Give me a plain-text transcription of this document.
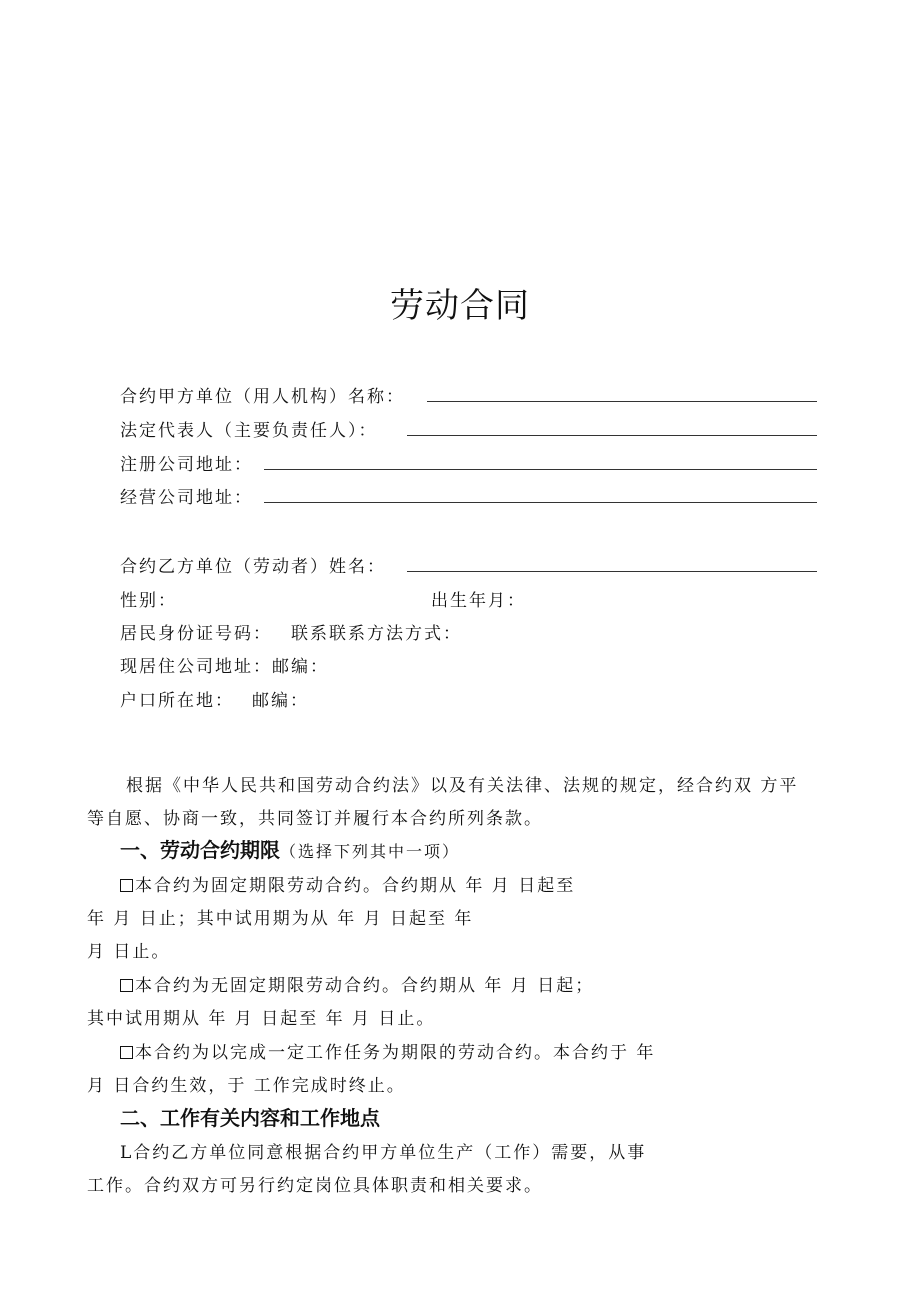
劳动合同
合约甲方单位（用人机构）名称：
法定代表人（主要负责任人）：
注册公司地址：
经营公司地址：
合约乙方单位（劳动者）姓名：
性别：	出生年月：
居民身份证号码： 联系联系方法方式：
现居住公司地址：邮编：
户口所在地： 邮编：
根据《中华人民共和国劳动合约法》以及有关法律、法规的规定，经合约双 方平
等自愿、协商一致，共同签订并履行本合约所列条款。
一、劳动合约期限（选择下列其中一项）
本合约为固定期限劳动合约。合约期从 年 月 日起至
年 月 日止；其中试用期为从 年 月 日起至 年
月 日止。
本合约为无固定期限劳动合约。合约期从 年 月 日起；
其中试用期从 年 月 日起至 年 月 日止。
本合约为以完成一定工作任务为期限的劳动合约。本合约于 年
月 日合约生效，于 工作完成时终止。
二、工作有关内容和工作地点
L合约乙方单位同意根据合约甲方单位生产（工作）需要，从事
工作。合约双方可另行约定岗位具体职责和相关要求。
